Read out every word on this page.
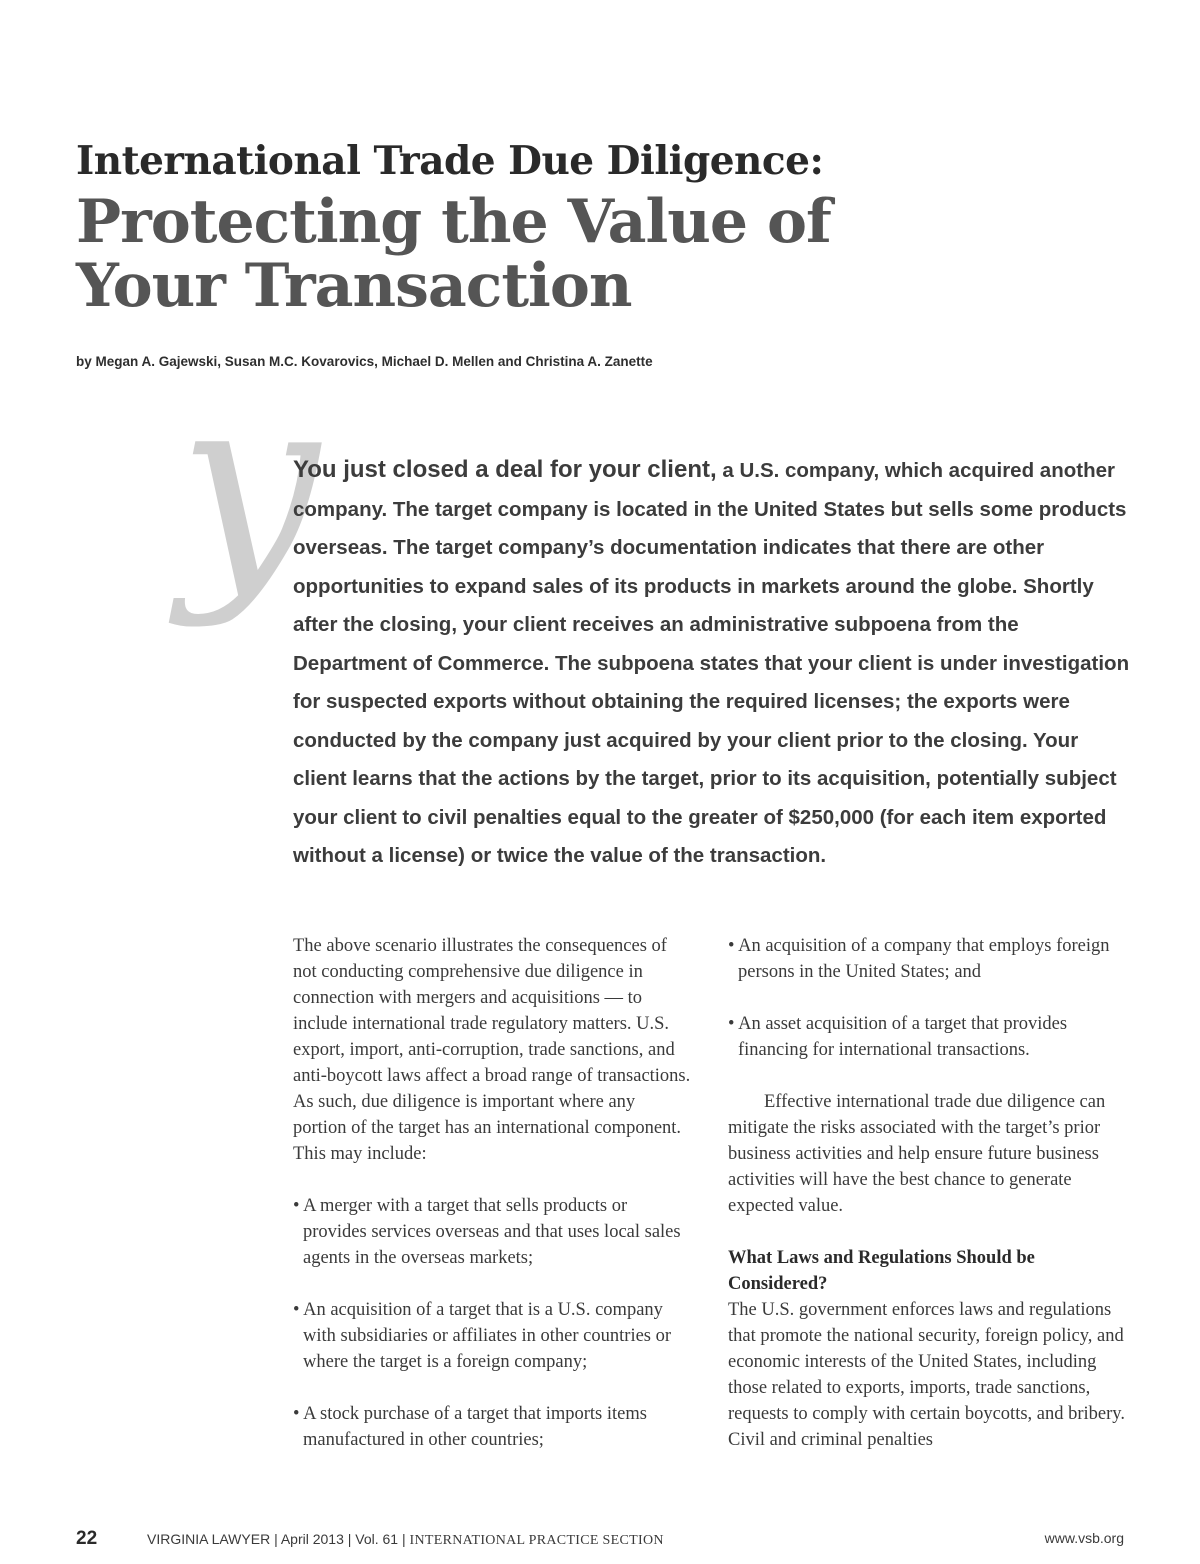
International Trade Due Diligence:
Protecting the Value of Your Transaction
by Megan A. Gajewski, Susan M.C. Kovarovics, Michael D. Mellen and Christina A. Zanette
y

You just closed a deal for your client, a U.S. company, which acquired another company. The target company is located in the United States but sells some products overseas. The target company’s documentation indicates that there are other opportunities to expand sales of its products in markets around the globe. Shortly after the closing, your client receives an administrative subpoena from the Department of Commerce. The subpoena states that your client is under investigation for suspected exports without obtaining the required licenses; the exports were conducted by the company just acquired by your client prior to the closing. Your client learns that the actions by the target, prior to its acquisition, potentially subject your client to civil penalties equal to the greater of $250,000 (for each item exported without a license) or twice the value of the transaction.

The above scenario illustrates the consequences of not conducting comprehensive due diligence in connection with mergers and acquisitions — to include international trade regulatory matters. U.S. export, import, anti-corruption, trade sanctions, and anti-boycott laws affect a broad range of transactions. As such, due diligence is important where any portion of the target has an international component. This may include:

• A merger with a target that sells products or provides services overseas and that uses local sales agents in the overseas markets;

• An acquisition of a target that is a U.S. company with subsidiaries or affiliates in other countries or where the target is a foreign company;

• A stock purchase of a target that imports items manufactured in other countries;

• An acquisition of a company that employs foreign persons in the United States; and

• An asset acquisition of a target that provides financing for international transactions.

Effective international trade due diligence can mitigate the risks associated with the target’s prior business activities and help ensure future business activities will have the best chance to generate expected value.

What Laws and Regulations Should be Considered?

The U.S. government enforces laws and regulations that promote the national security, foreign policy, and economic interests of the United States, including those related to exports, imports, trade sanctions, requests to comply with certain boycotts, and bribery. Civil and criminal penalties

22	VIRGINIA LAWYER | April 2013 | Vol. 61 | INTERNATIONAL PRACTICE SECTION	www.vsb.org
